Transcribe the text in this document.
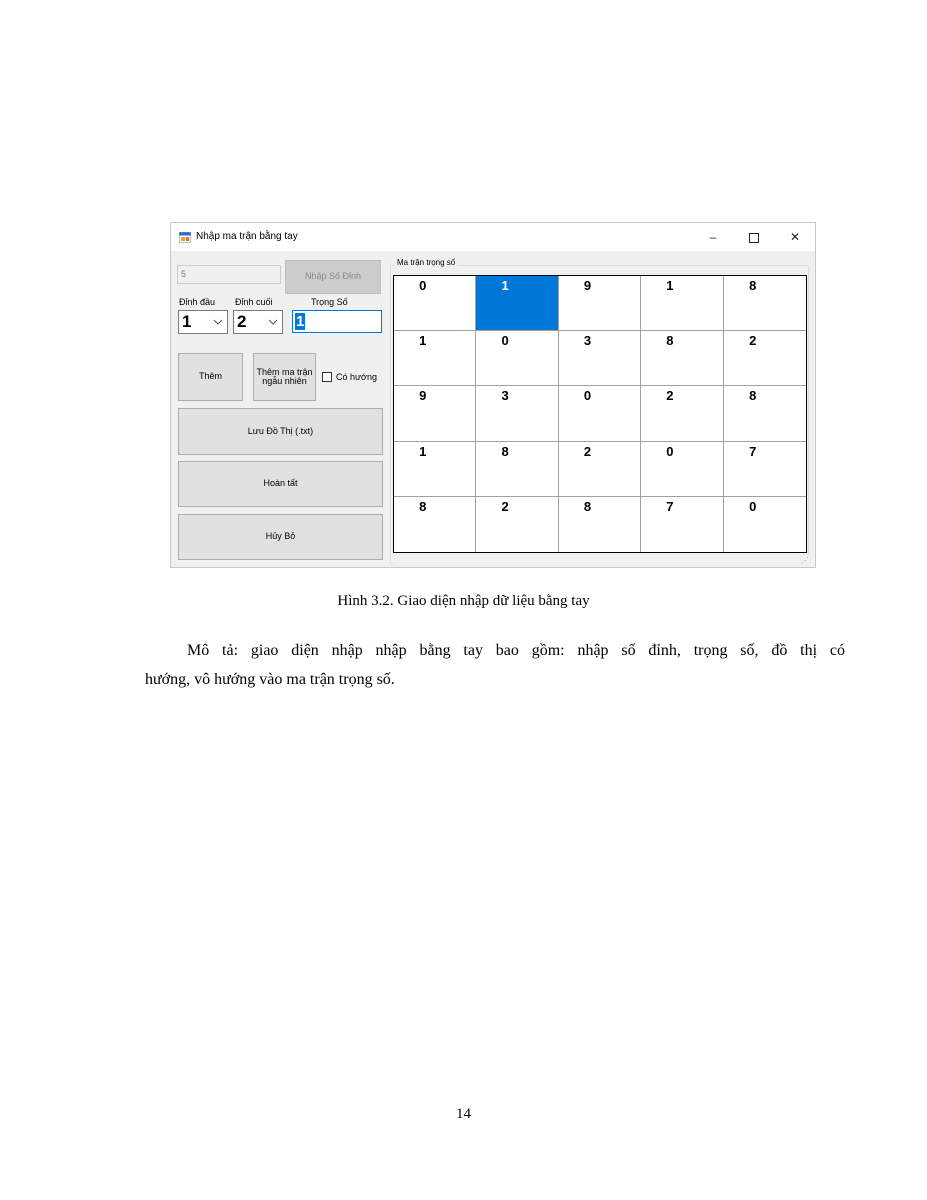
Nhập ma trận bằng tay	–	✕
5	Nhập Số Đỉnh
Đỉnh đầu Đỉnh cuối	Trọng Số
1	2	1
Thêm	Thêm ma trận ngẫu nhiên	Có hướng
Lưu Đồ Thị (.txt)
Hoàn tất
Hủy Bỏ
Ma trận trọng số
0	1	9	1	8
1	0	3	8	2
9	3	0	2	8
1	8	2	0	7
8	2	8	7	0
⋰
Hình 3.2. Giao diện nhập dữ liệu bằng tay
Mô tả: giao diện nhập nhập bằng tay bao gồm: nhập số đỉnh, trọng số, đồ thị có
hướng, vô hướng vào ma trận trọng số.
14
